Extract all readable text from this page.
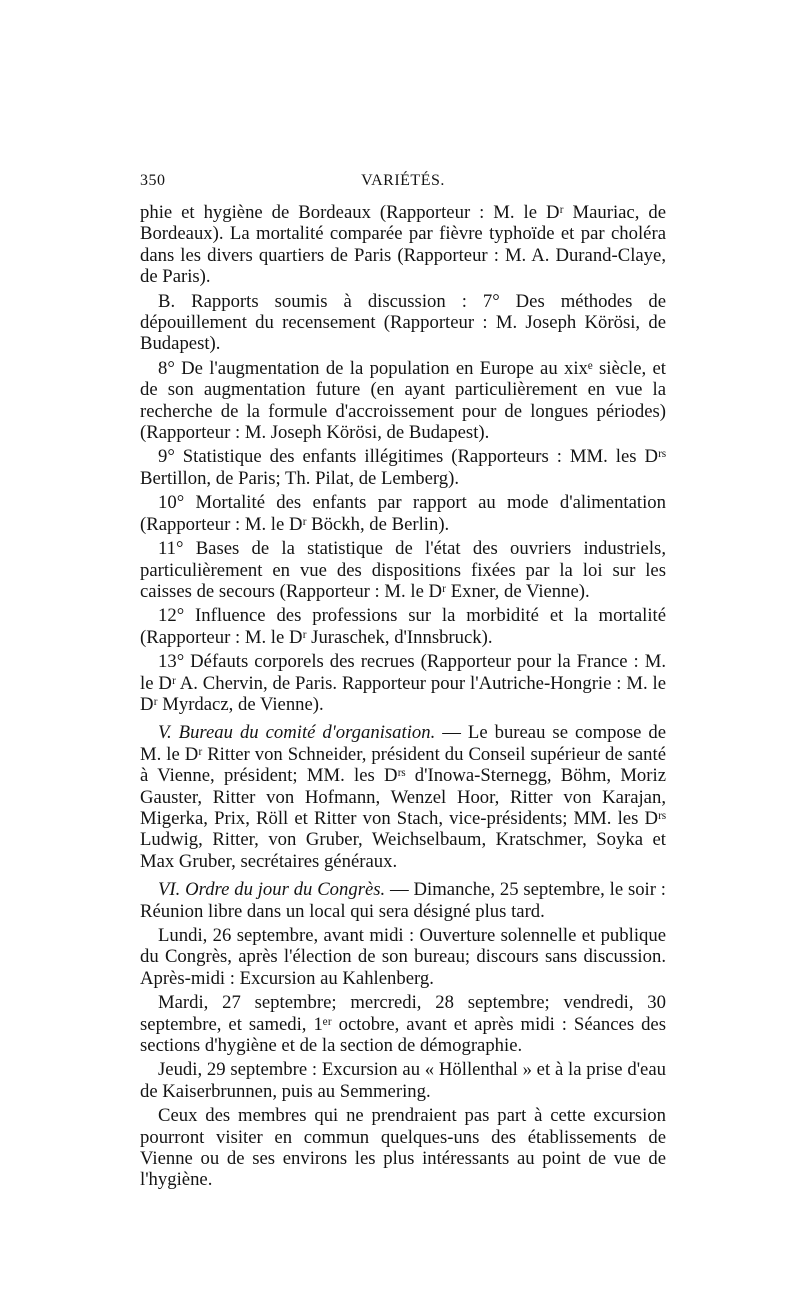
350	VARIÉTÉS.

phie et hygiène de Bordeaux (Rapporteur : M. le Dʳ Mauriac, de Bordeaux). La mortalité comparée par fièvre typhoïde et par choléra dans les divers quartiers de Paris (Rapporteur : M. A. Durand-Claye, de Paris).

B. Rapports soumis à discussion : 7° Des méthodes de dépouillement du recensement (Rapporteur : M. Joseph Körösi, de Budapest).

8° De l'augmentation de la population en Europe au xixᵉ siècle, et de son augmentation future (en ayant particulièrement en vue la recherche de la formule d'accroissement pour de longues périodes) (Rapporteur : M. Joseph Körösi, de Budapest).

9° Statistique des enfants illégitimes (Rapporteurs : MM. les Dʳˢ Bertillon, de Paris; Th. Pilat, de Lemberg).

10° Mortalité des enfants par rapport au mode d'alimentation (Rapporteur : M. le Dʳ Böckh, de Berlin).

11° Bases de la statistique de l'état des ouvriers industriels, particulièrement en vue des dispositions fixées par la loi sur les caisses de secours (Rapporteur : M. le Dʳ Exner, de Vienne).

12° Influence des professions sur la morbidité et la mortalité (Rapporteur : M. le Dʳ Juraschek, d'Innsbruck).

13° Défauts corporels des recrues (Rapporteur pour la France : M. le Dʳ A. Chervin, de Paris. Rapporteur pour l'Autriche-Hongrie : M. le Dʳ Myrdacz, de Vienne).

V. Bureau du comité d'organisation. — Le bureau se compose de M. le Dʳ Ritter von Schneider, président du Conseil supérieur de santé à Vienne, président; MM. les Dʳˢ d'Inowa-Sternegg, Böhm, Moriz Gauster, Ritter von Hofmann, Wenzel Hoor, Ritter von Karajan, Migerka, Prix, Röll et Ritter von Stach, vice-présidents; MM. les Dʳˢ Ludwig, Ritter, von Gruber, Weichselbaum, Kratschmer, Soyka et Max Gruber, secrétaires généraux.

VI. Ordre du jour du Congrès. — Dimanche, 25 septembre, le soir : Réunion libre dans un local qui sera désigné plus tard.

Lundi, 26 septembre, avant midi : Ouverture solennelle et publique du Congrès, après l'élection de son bureau; discours sans discussion. Après-midi : Excursion au Kahlenberg.

Mardi, 27 septembre; mercredi, 28 septembre; vendredi, 30 septembre, et samedi, 1ᵉʳ octobre, avant et après midi : Séances des sections d'hygiène et de la section de démographie.

Jeudi, 29 septembre : Excursion au « Höllenthal » et à la prise d'eau de Kaiserbrunnen, puis au Semmering.

Ceux des membres qui ne prendraient pas part à cette excursion pourront visiter en commun quelques-uns des établissements de Vienne ou de ses environs les plus intéressants au point de vue de l'hygiène.
